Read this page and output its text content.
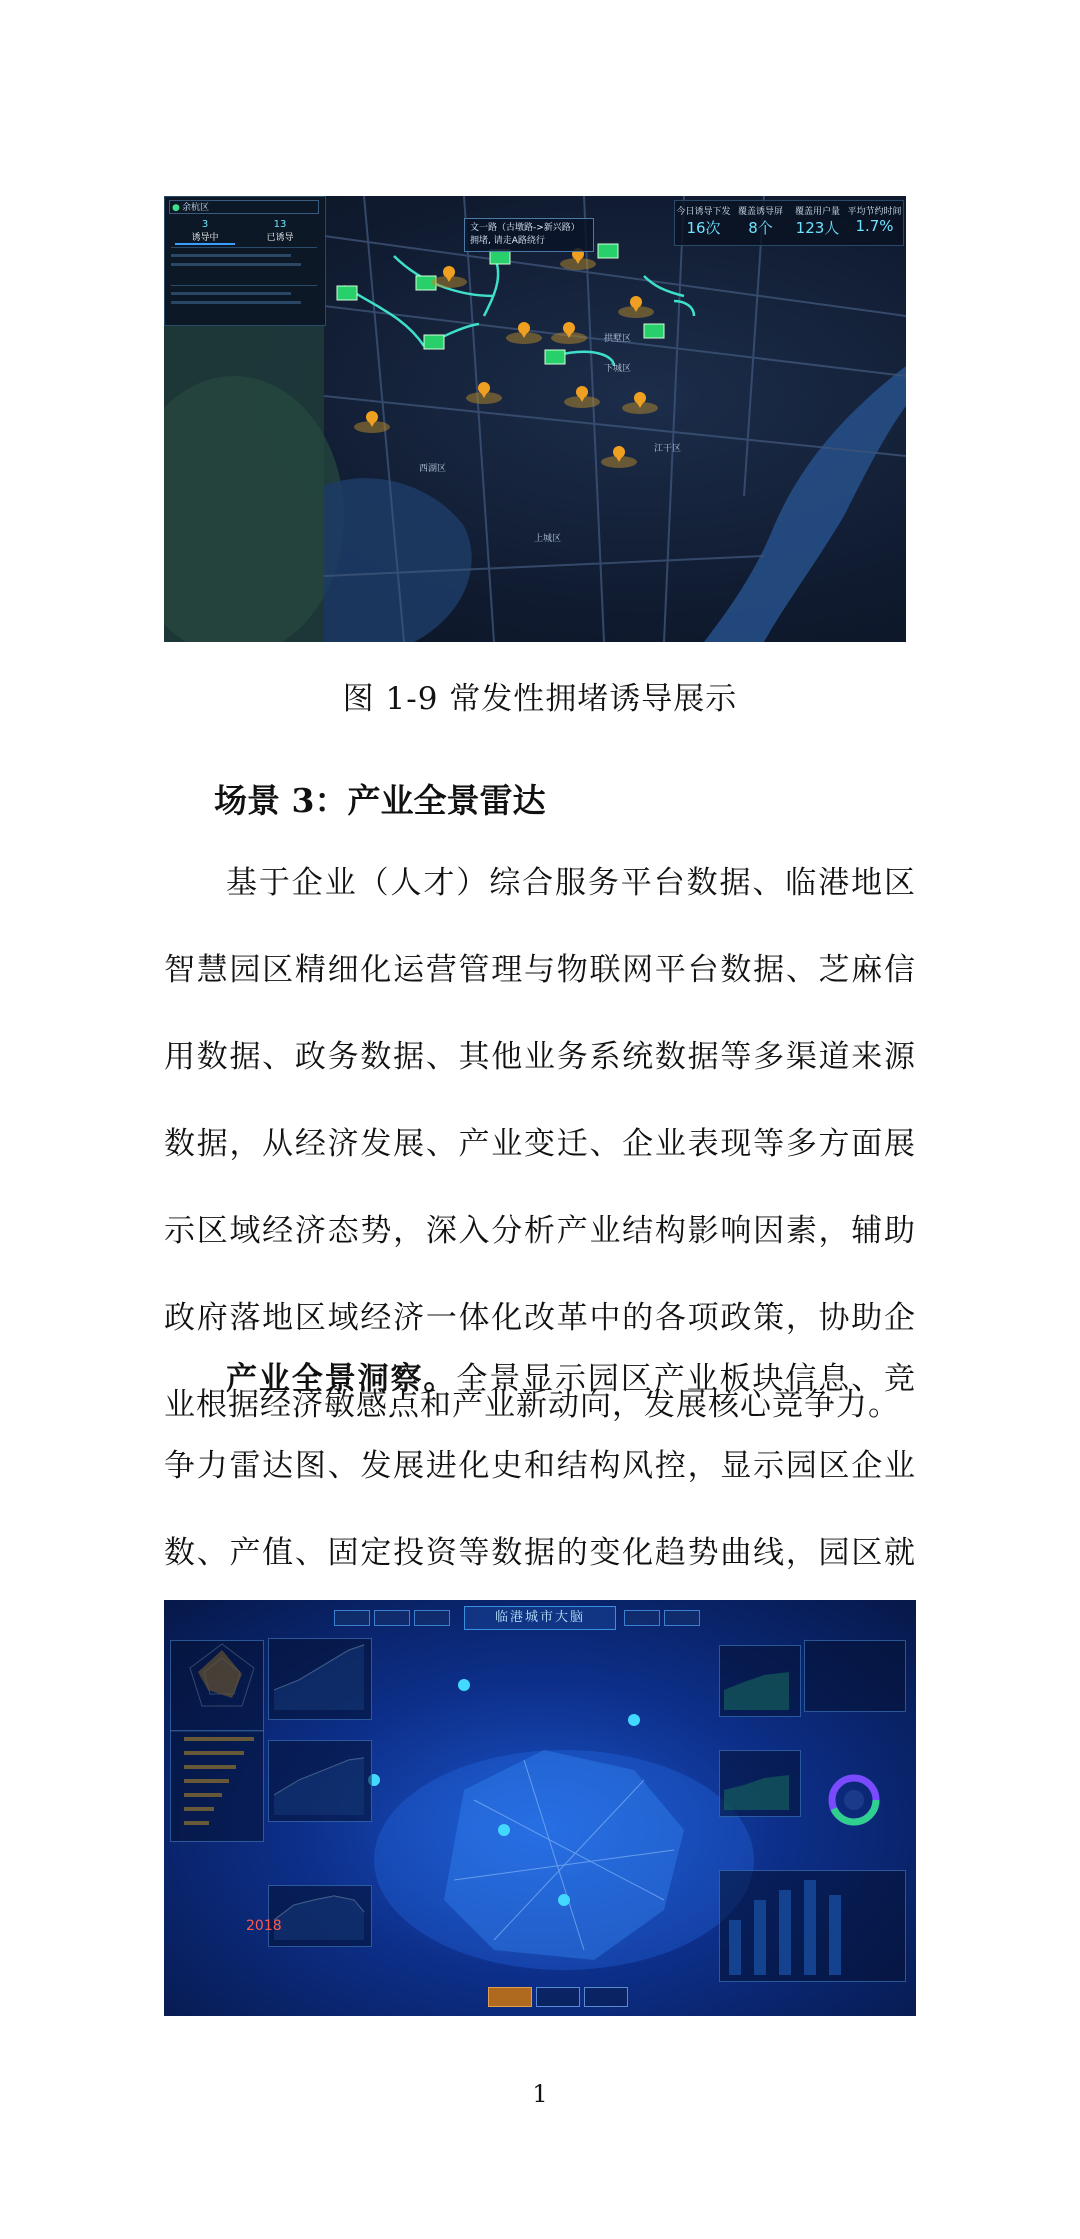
● 余杭区
3
诱导中
13
已诱导
今日诱导下发
16次
覆盖诱导屏
8个
覆盖用户量
123人
平均节约时间
1.7%
文一路（古墩路->新兴路）拥堵, 请走A路绕行
西湖区
上城区
下城区
江干区
拱墅区
图 1-9 常发性拥堵诱导展示
场景 3：产业全景雷达

基于企业（人才）综合服务平台数据、临港地区智慧园区精细化运营管理与物联网平台数据、芝麻信用数据、政务数据、其他业务系统数据等多渠道来源数据，从经济发展、产业变迁、企业表现等多方面展示区域经济态势，深入分析产业结构影响因素，辅助政府落地区域经济一体化改革中的各项政策，协助企业根据经济敏感点和产业新动向，发展核心竞争力。

产业全景洞察。全景显示园区产业板块信息、竞争力雷达图、发展进化史和结构风控，显示园区企业数、产值、固定投资等数据的变化趋势曲线，园区就

临港城市大脑
2018
1
